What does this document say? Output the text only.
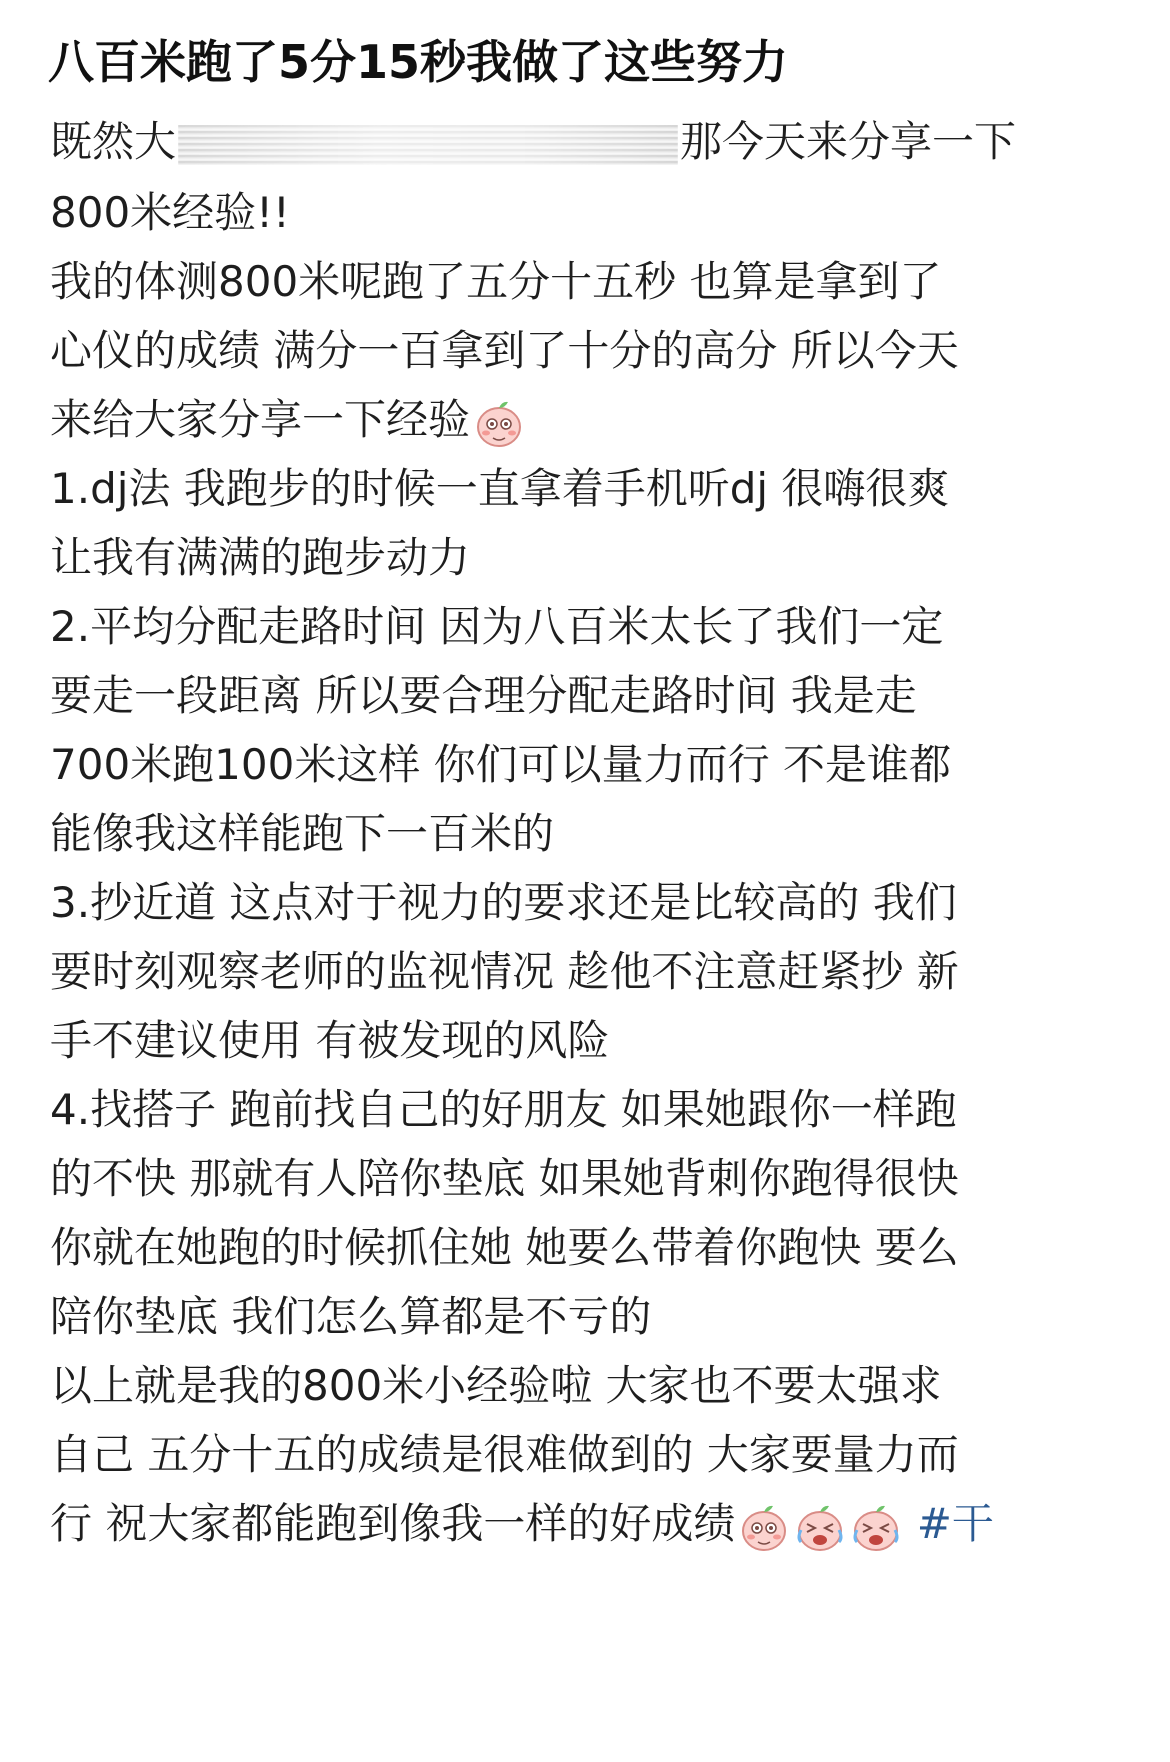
八百米跑了5分15秒我做了这些努力
既然大	那今天来分享一下
800米经验!!
我的体测800米呢跑了五分十五秒 也算是拿到了
心仪的成绩 满分一百拿到了十分的高分 所以今天
来给大家分享一下经验
1.dj法 我跑步的时候一直拿着手机听dj 很嗨很爽
让我有满满的跑步动力
2.平均分配走路时间 因为八百米太长了我们一定
要走一段距离 所以要合理分配走路时间 我是走
700米跑100米这样 你们可以量力而行 不是谁都
能像我这样能跑下一百米的
3.抄近道 这点对于视力的要求还是比较高的 我们
要时刻观察老师的监视情况 趁他不注意赶紧抄 新
手不建议使用 有被发现的风险
4.找搭子 跑前找自己的好朋友 如果她跟你一样跑
的不快 那就有人陪你垫底 如果她背刺你跑得很快
你就在她跑的时候抓住她 她要么带着你跑快 要么
陪你垫底 我们怎么算都是不亏的
以上就是我的800米小经验啦 大家也不要太强求
自己 五分十五的成绩是很难做到的 大家要量力而
行 祝大家都能跑到像我一样的好成绩	#干
